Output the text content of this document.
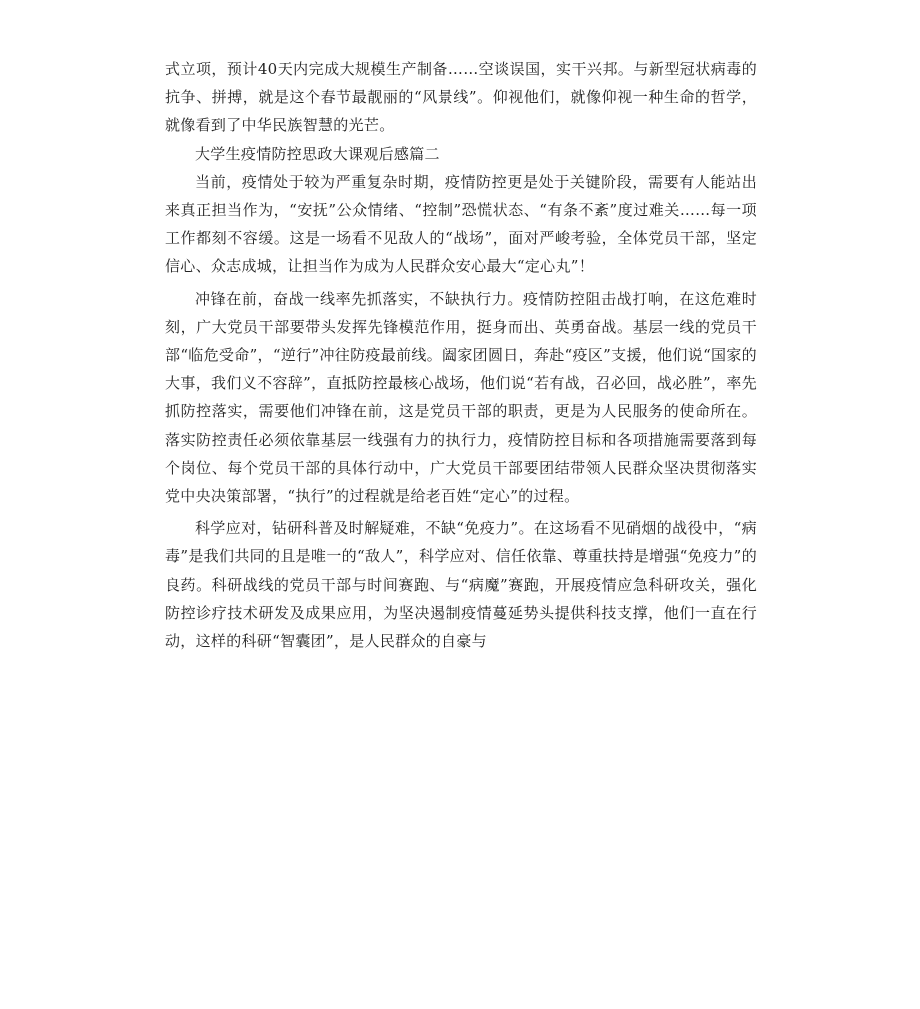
式立项，预计40天内完成大规模生产制备……空谈误国，实干兴邦。与新型冠状病毒的抗争、拼搏，就是这个春节最靓丽的“风景线”。仰视他们，就像仰视一种生命的哲学，就像看到了中华民族智慧的光芒。

大学生疫情防控思政大课观后感篇二

当前，疫情处于较为严重复杂时期，疫情防控更是处于关键阶段，需要有人能站出来真正担当作为，“安抚”公众情绪、“控制”恐慌状态、“有条不紊”度过难关……每一项工作都刻不容缓。这是一场看不见敌人的“战场”，面对严峻考验，全体党员干部，坚定信心、众志成城，让担当作为成为人民群众安心最大“定心丸”！

冲锋在前，奋战一线率先抓落实，不缺执行力。疫情防控阻击战打响，在这危难时刻，广大党员干部要带头发挥先锋模范作用，挺身而出、英勇奋战。基层一线的党员干部“临危受命”，“逆行”冲往防疫最前线。阖家团圆日，奔赴“疫区”支援，他们说“国家的大事，我们义不容辞”，直抵防控最核心战场，他们说“若有战，召必回，战必胜”，率先抓防控落实，需要他们冲锋在前，这是党员干部的职责，更是为人民服务的使命所在。落实防控责任必须依靠基层一线强有力的执行力，疫情防控目标和各项措施需要落到每个岗位、每个党员干部的具体行动中，广大党员干部要团结带领人民群众坚决贯彻落实党中央决策部署，“执行”的过程就是给老百姓“定心”的过程。

科学应对，钻研科普及时解疑难，不缺“免疫力”。在这场看不见硝烟的战役中，“病毒”是我们共同的且是唯一的“敌人”，科学应对、信任依靠、尊重扶持是增强“免疫力”的良药。科研战线的党员干部与时间赛跑、与“病魔”赛跑，开展疫情应急科研攻关，强化防控诊疗技术研发及成果应用，为坚决遏制疫情蔓延势头提供科技支撑，他们一直在行动，这样的科研“智囊团”，是人民群众的自豪与
